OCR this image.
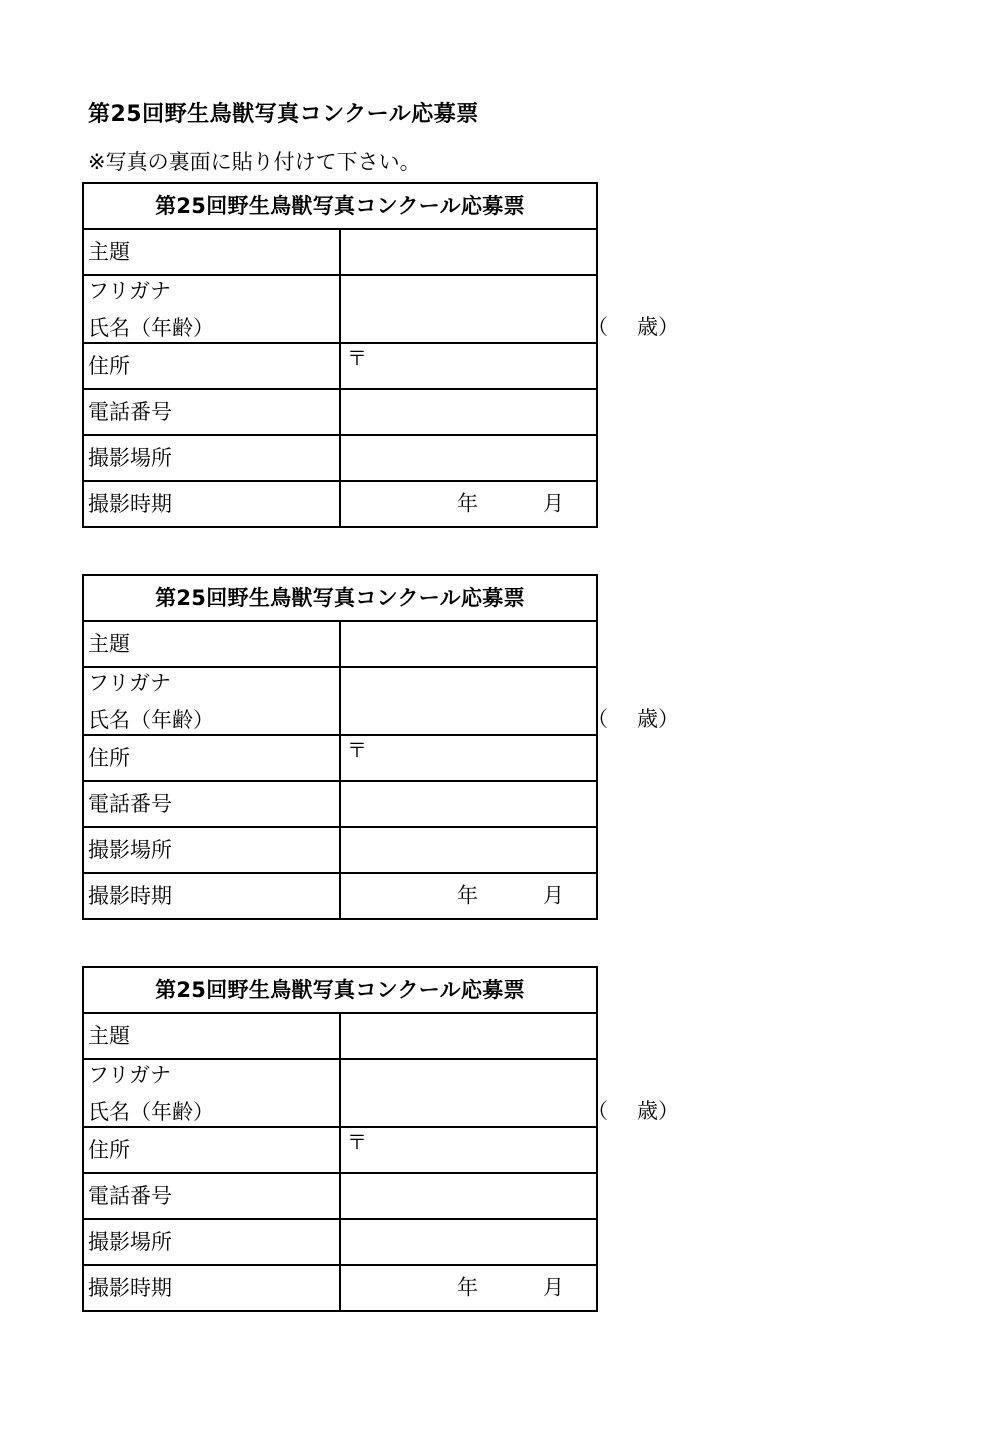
第25回野生鳥獣写真コンクール応募票
※写真の裏面に貼り付けて下さい。
第25回野生鳥獣写真コンクール応募票	
主題	

フリガナ
氏名（年齢）	（ 歳）

住所	〒

電話番号	
撮影場所	
撮影時期	年 月
第25回野生鳥獣写真コンクール応募票	
主題	

フリガナ
氏名（年齢）	（ 歳）

住所	〒

電話番号	
撮影場所	
撮影時期	年 月
第25回野生鳥獣写真コンクール応募票	
主題	

フリガナ
氏名（年齢）	（ 歳）

住所	〒

電話番号	
撮影場所	
撮影時期	年 月
